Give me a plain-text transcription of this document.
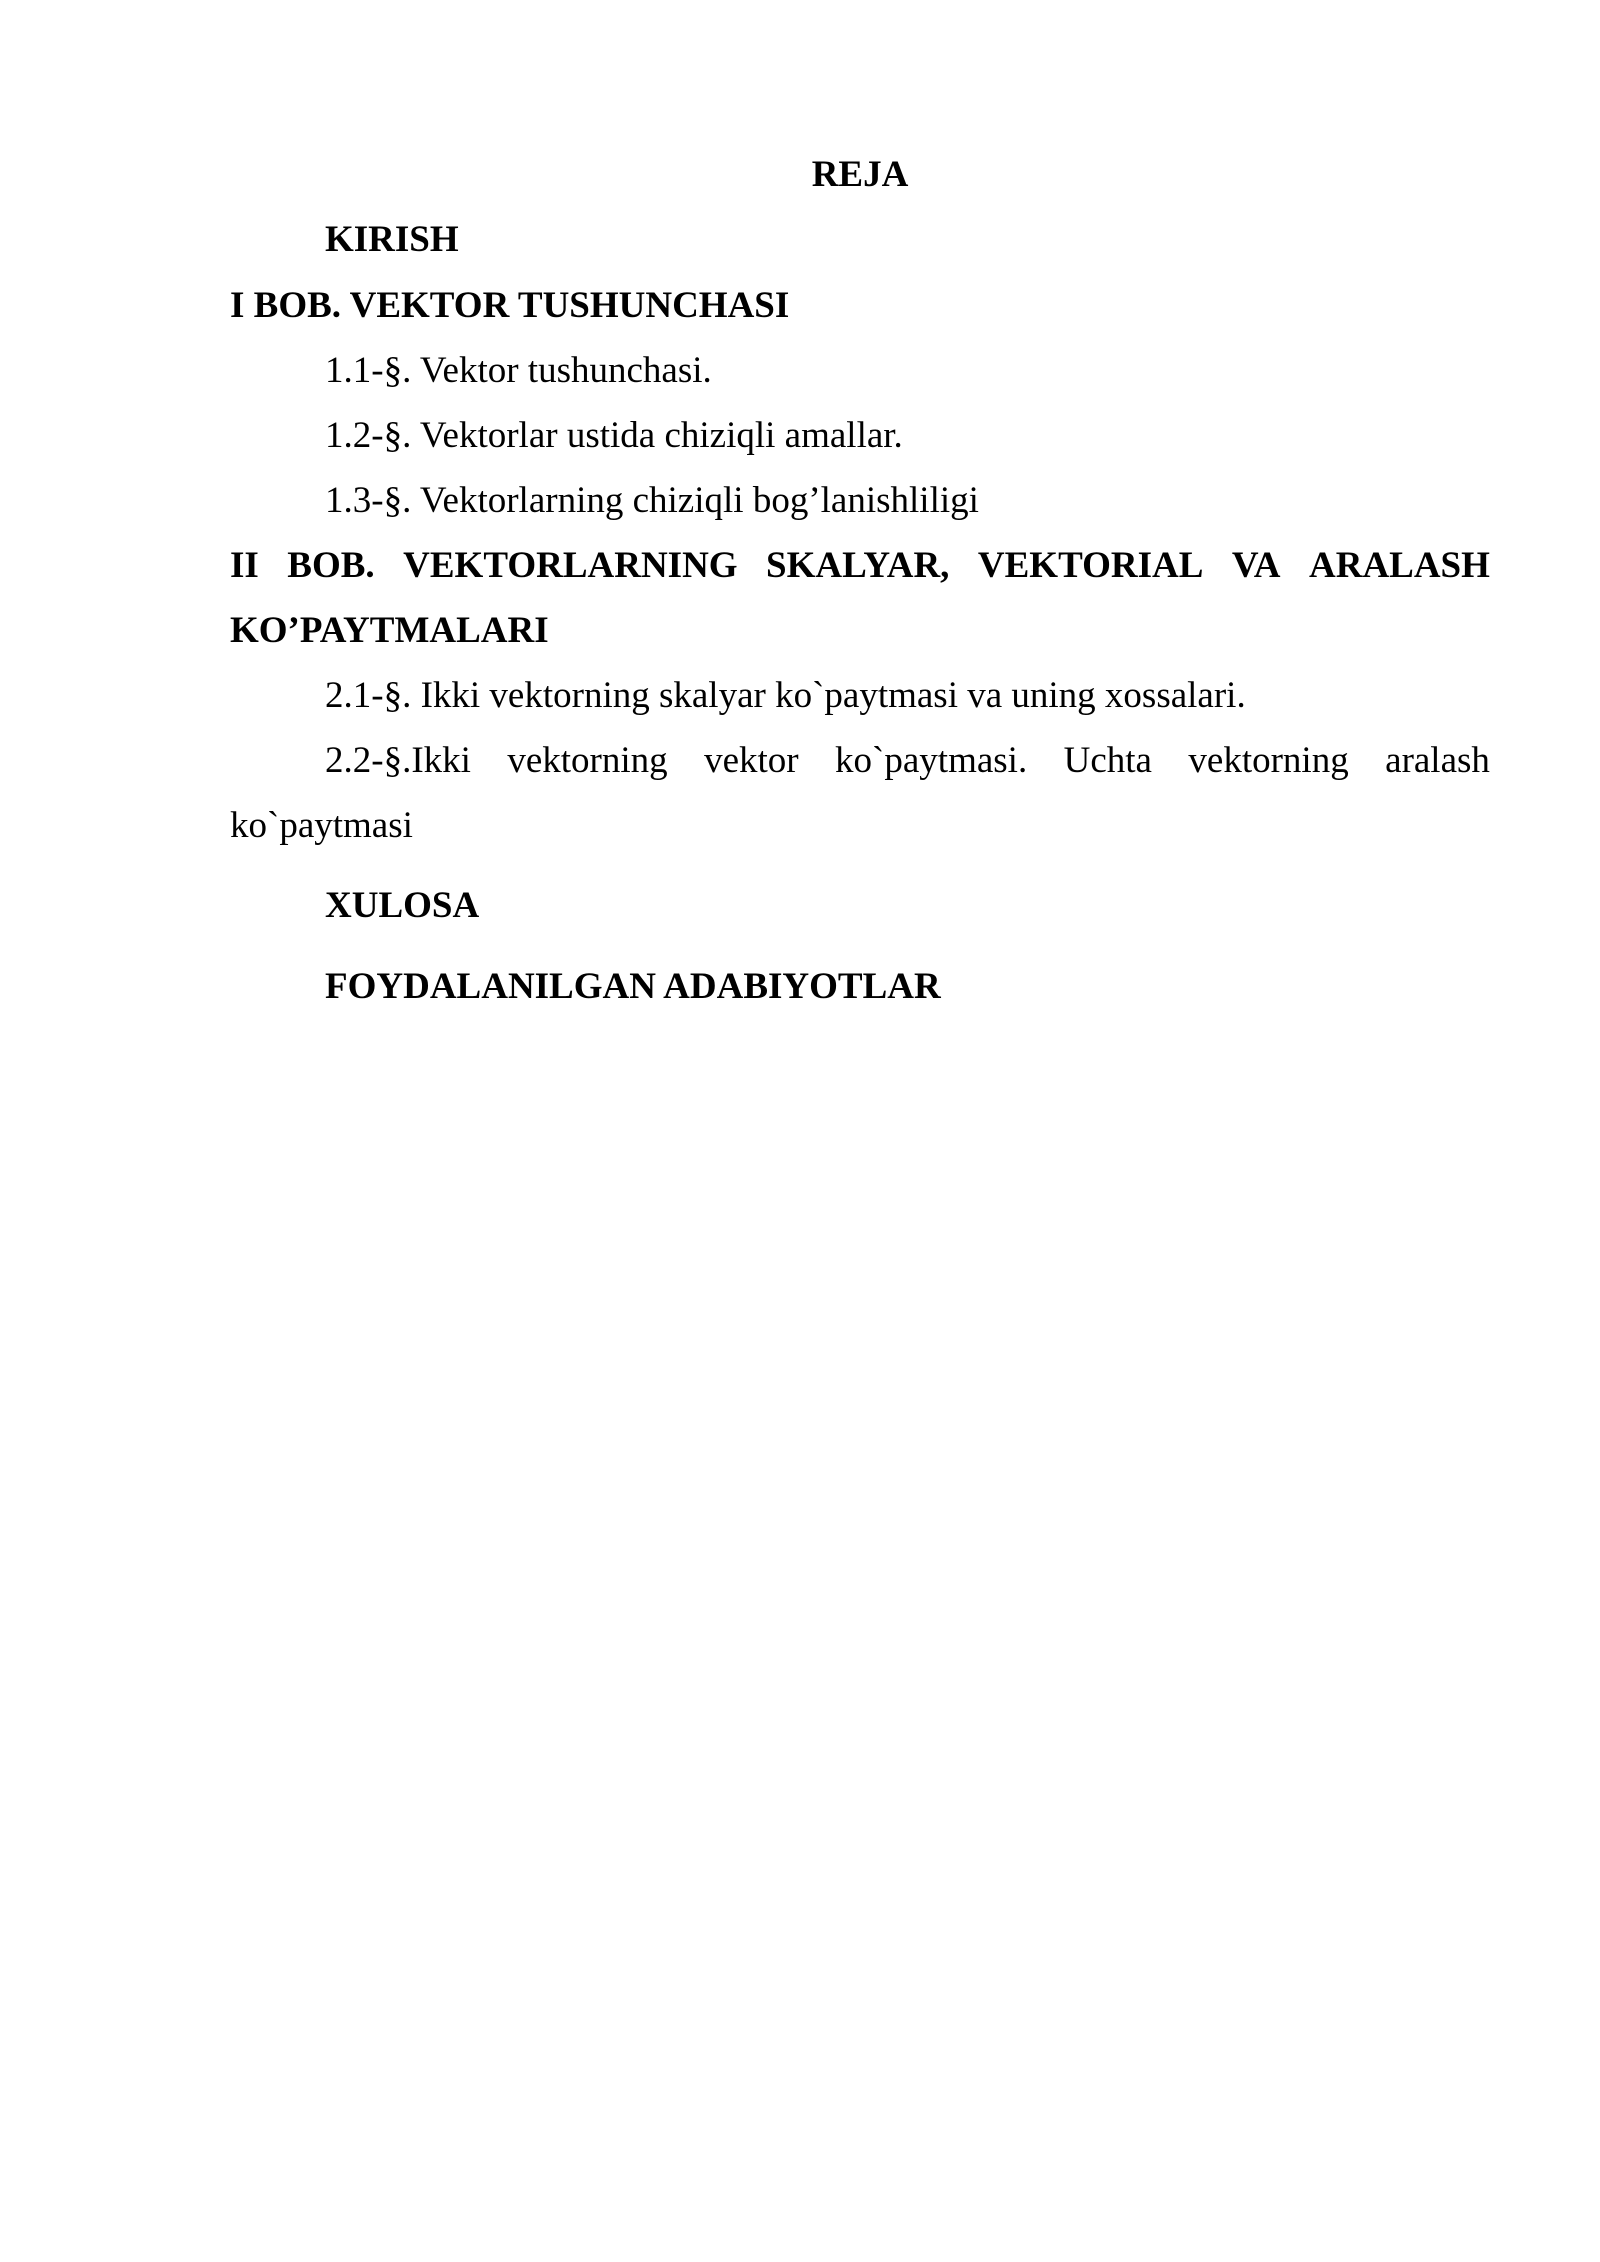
REJA
KIRISH
I BOB. VEKTOR TUSHUNCHASI
1.1-§. Vektor tushunchasi.
1.2-§. Vektorlar ustida chiziqli amallar.
1.3-§. Vektorlarning chiziqli bog’lanishliligi
II BOB. VEKTORLARNING SKALYAR, VEKTORIAL VA ARALASH
KO’PAYTMALARI
2.1-§. Ikki vektorning skalyar ko`paytmasi va uning xossalari.
2.2-§.Ikki vektorning vektor ko`paytmasi. Uchta vektorning aralash
ko`paytmasi
XULOSA
FOYDALANILGAN ADABIYOTLAR
